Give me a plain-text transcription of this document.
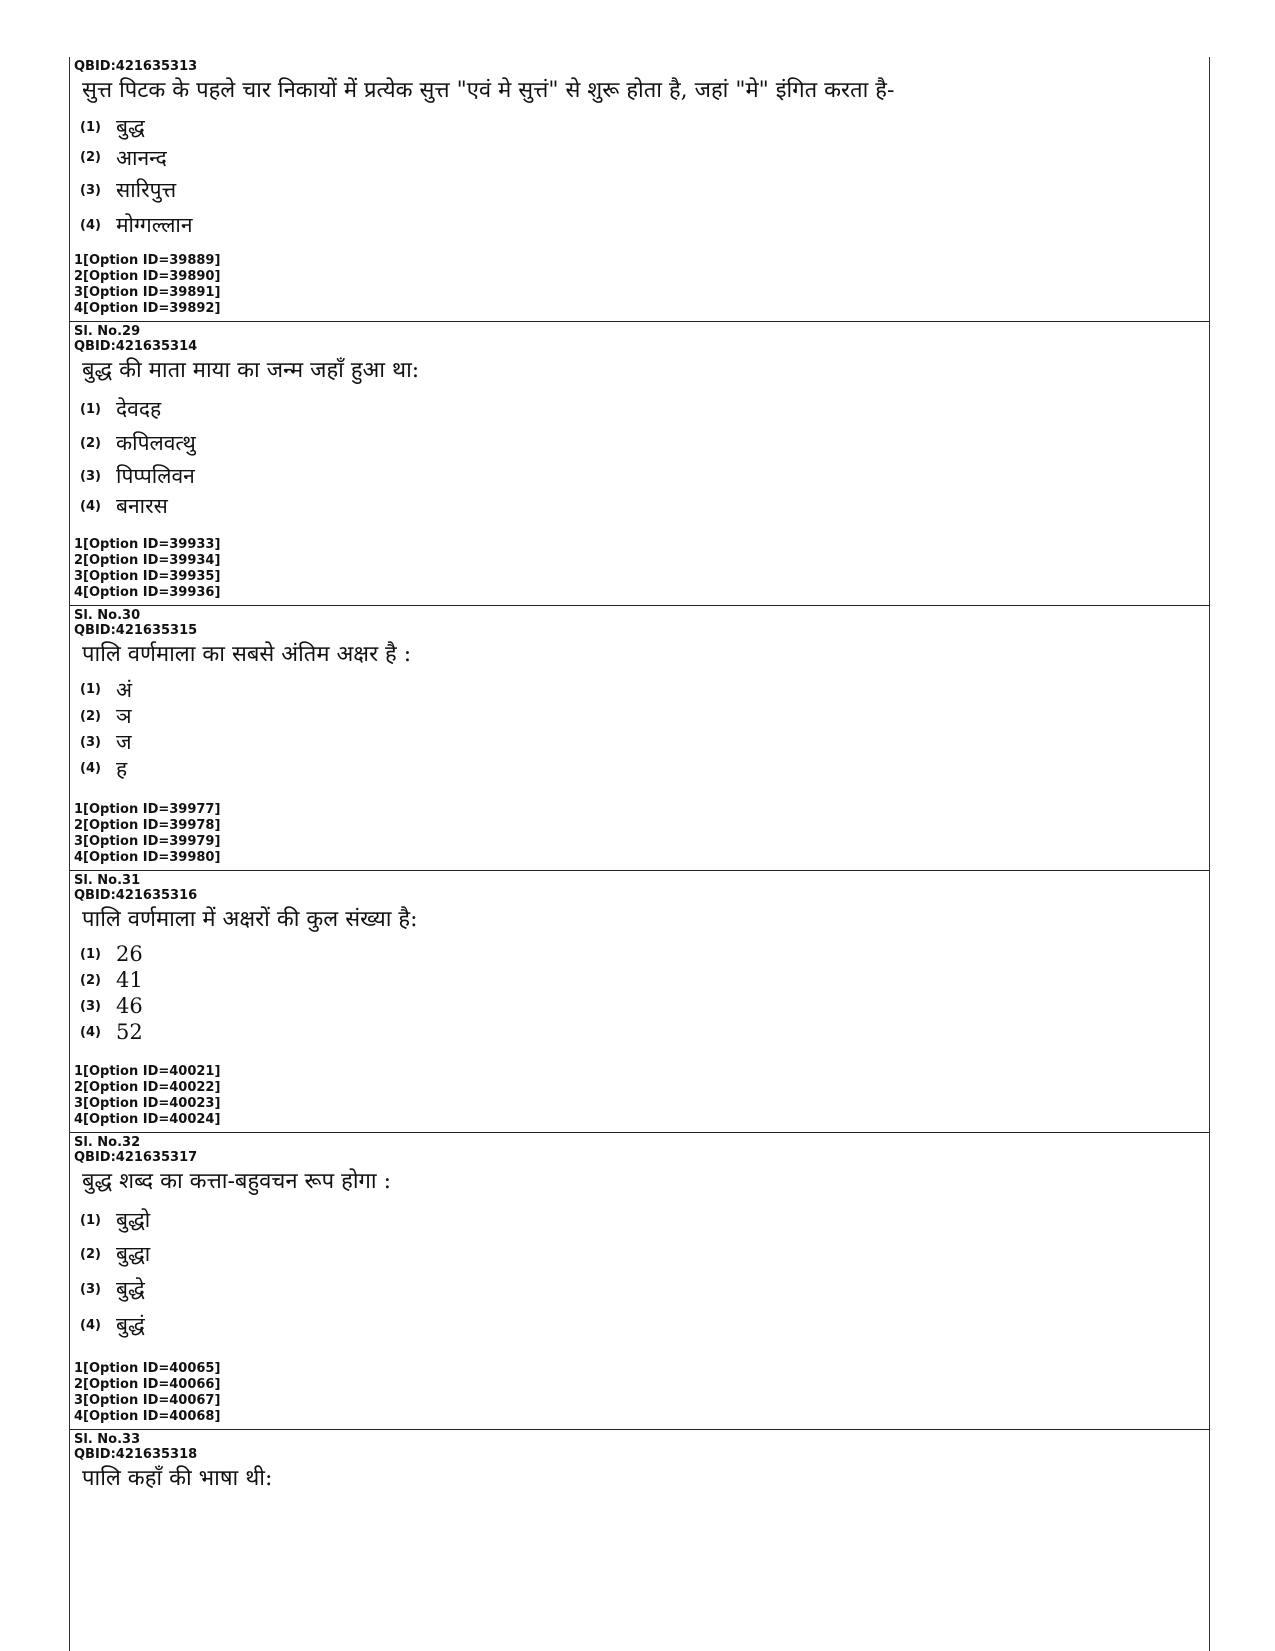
QBID:421635313
सुत्त पिटक के पहले चार निकायों में प्रत्येक सुत्त "एवं मे सुत्तं" से शुरू होता है, जहां "मे" इंगित करता है-
(1) बुद्ध
(2) आनन्द
(3) सारिपुत्त
(4) मोग्गल्लान
1[Option ID=39889]
2[Option ID=39890]
3[Option ID=39891]
4[Option ID=39892]
Sl. No.29
QBID:421635314
बुद्ध की माता माया का जन्म जहाँ हुआ था:
(1) देवदह
(2) कपिलवत्थु
(3) पिप्पलिवन
(4) बनारस
1[Option ID=39933]
2[Option ID=39934]
3[Option ID=39935]
4[Option ID=39936]
Sl. No.30
QBID:421635315
पालि वर्णमाला का सबसे अंतिम अक्षर है :
(1) अं
(2) ञ
(3) ज
(4) ह
1[Option ID=39977]
2[Option ID=39978]
3[Option ID=39979]
4[Option ID=39980]
Sl. No.31
QBID:421635316
पालि वर्णमाला में अक्षरों की कुल संख्या है:
(1) 26
(2) 41
(3) 46
(4) 52
1[Option ID=40021]
2[Option ID=40022]
3[Option ID=40023]
4[Option ID=40024]
Sl. No.32
QBID:421635317
बुद्ध शब्द का कत्ता-बहुवचन रूप होगा :
(1) बुद्धो
(2) बुद्धा
(3) बुद्धे
(4) बुद्धं
1[Option ID=40065]
2[Option ID=40066]
3[Option ID=40067]
4[Option ID=40068]
Sl. No.33
QBID:421635318
पालि कहाँ की भाषा थी:
